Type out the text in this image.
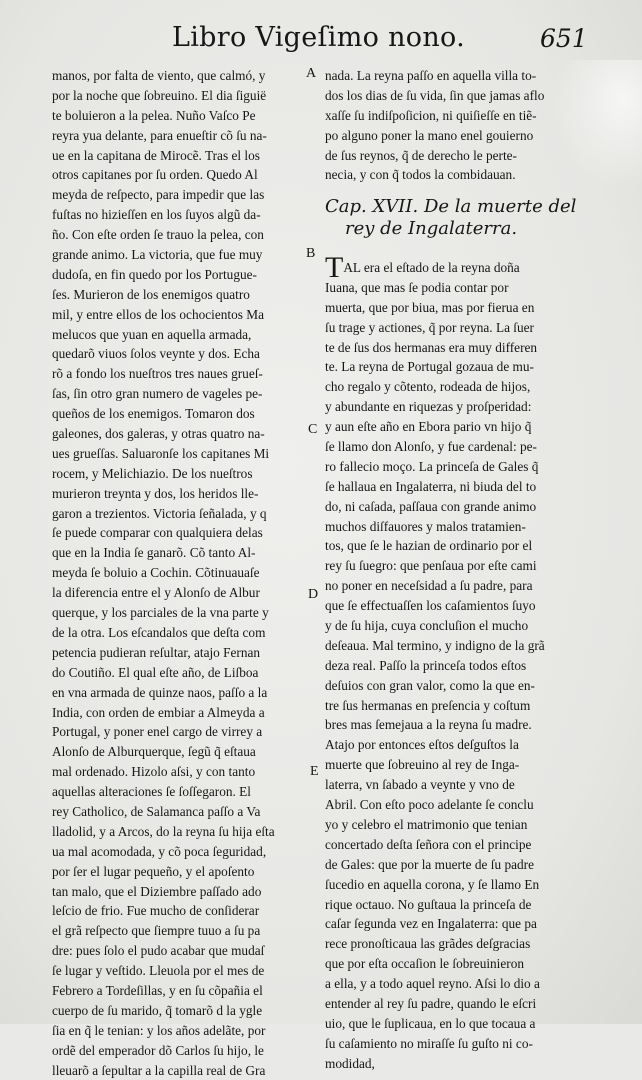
Libro Vigeſimo nono.	651
manos, por falta de viento, que calmó, y
por la noche que ſobreuino. El dia ſiguië
te boluieron a la pelea. Nuño Vaſco Pe
reyra yua delante, para enueſtir cõ ſu na-
ue en la capitana de Mirocẽ. Tras el los
otros capitanes por ſu orden. Quedo Al
meyda de reſpecto, para impedir que las
fuſtas no hizieſſen en los ſuyos algũ da-
ño. Con eſte orden ſe trauo la pelea, con
grande animo. La victoria, que fue muy
dudoſa, en fin quedo por los Portugue-
ſes. Murieron de los enemigos quatro
mil, y entre ellos de los ochocientos Ma
melucos que yuan en aquella armada,
quedarõ viuos ſolos veynte y dos. Echa
rõ a fondo los nueſtros tres naues grueſ-
ſas, ſin otro gran numero de vageles pe-
queños de los enemigos. Tomaron dos
galeones, dos galeras, y otras quatro na-
ues grueſſas. Saluaronſe los capitanes Mi
rocem, y Melichiazio. De los nueſtros
murieron treynta y dos, los heridos lle-
garon a trezientos. Victoria ſeñalada, y q
ſe puede comparar con qualquiera delas
que en la India ſe ganarõ. Cõ tanto Al-
meyda ſe boluio a Cochin. Cõtinuauaſe
la diferencia entre el y Alonſo de Albur
querque, y los parciales de la vna parte y
de la otra. Los eſcandalos que deſta com
petencia pudieran reſultar, atajo Fernan
do Coutiño. El qual eſte año, de Liſboa
en vna armada de quinze naos, paſſo a la
India, con orden de embiar a Almeyda a
Portugal, y poner enel cargo de virrey a
Alonſo de Alburquerque, ſegũ q̃ eſtaua
mal ordenado. Hizolo aſsi, y con tanto
aquellas alteraciones ſe ſoſſegaron. El
rey Catholico, de Salamanca paſſo a Va
lladolid, y a Arcos, do la reyna ſu hija eſta
ua mal acomodada, y cõ poca ſeguridad,
por ſer el lugar pequeño, y el apoſento
tan malo, que el Diziembre paſſado ado
leſcio de frio. Fue mucho de conſiderar
el grã reſpecto que ſiempre tuuo a ſu pa
dre: pues ſolo el pudo acabar que mudaſ
ſe lugar y veſtido. Lleuola por el mes de
Febrero a Tordeſillas, y en ſu cõpañia el
cuerpo de ſu marido, q̃ tomarõ d la ygle
ſia en q̃ le tenian: y los años adelãte, por
ordẽ del emperador dõ Carlos ſu hijo, le
lleuarõ a ſepultar a la capilla real de Gra
nada. La reyna paſſo en aquella villa to-
dos los dias de ſu vida, ſin que jamas aflo
xaſſe ſu indiſpoſicion, ni quiſieſſe en tiẽ-
po alguno poner la mano enel gouierno
de ſus reynos, q̃ de derecho le perte-
necia, y con q̃ todos la combidauan.
Cap. XVII. De la muerte del
rey de Ingalaterra.
TAL era el eſtado de la reyna doña
Iuana, que mas ſe podia contar por
muerta, que por biua, mas por fierua en
ſu trage y actiones, q̃ por reyna. La ſuer
te de ſus dos hermanas era muy differen
te. La reyna de Portugal gozaua de mu-
cho regalo y cõtento, rodeada de hijos,
y abundante en riquezas y proſperidad:
y aun eſte año en Ebora pario vn hijo q̃
ſe llamo don Alonſo, y fue cardenal: pe-
ro fallecio moço. La princeſa de Gales q̃
ſe hallaua en Ingalaterra, ni biuda del to
do, ni caſada, paſſaua con grande animo
muchos diſfauores y malos tratamien-
tos, que ſe le hazian de ordinario por el
rey ſu ſuegro: que penſaua por eſte cami
no poner en neceſsidad a ſu padre, para
que ſe effectuaſſen los caſamientos ſuyo
y de ſu hija, cuya concluſion el mucho
deſeaua. Mal termino, y indigno de la grã
deza real. Paſſo la princeſa todos eſtos
deſuios con gran valor, como la que en-
tre ſus hermanas en preſencia y coſtum
bres mas ſemejaua a la reyna ſu madre.
Atajo por entonces eſtos deſguſtos la
muerte que ſobreuino al rey de Inga-
laterra, vn ſabado a veynte y vno de
Abril. Con eſto poco adelante ſe conclu
yo y celebro el matrimonio que tenian
concertado deſta ſeñora con el principe
de Gales: que por la muerte de ſu padre
ſucedio en aquella corona, y ſe llamo En
rique octauo. No guſtaua la princeſa de
caſar ſegunda vez en Ingalaterra: que pa
rece pronoſticaua las grãdes deſgracias
que por eſta occaſion le ſobreuinieron
a ella, y a todo aquel reyno. Aſsi lo dio a
entender al rey ſu padre, quando le eſcri
uio, que le ſuplicaua, en lo que tocaua a
ſu caſamiento no miraſſe ſu guſto ni co-
modidad,
A
B
C
D
E
